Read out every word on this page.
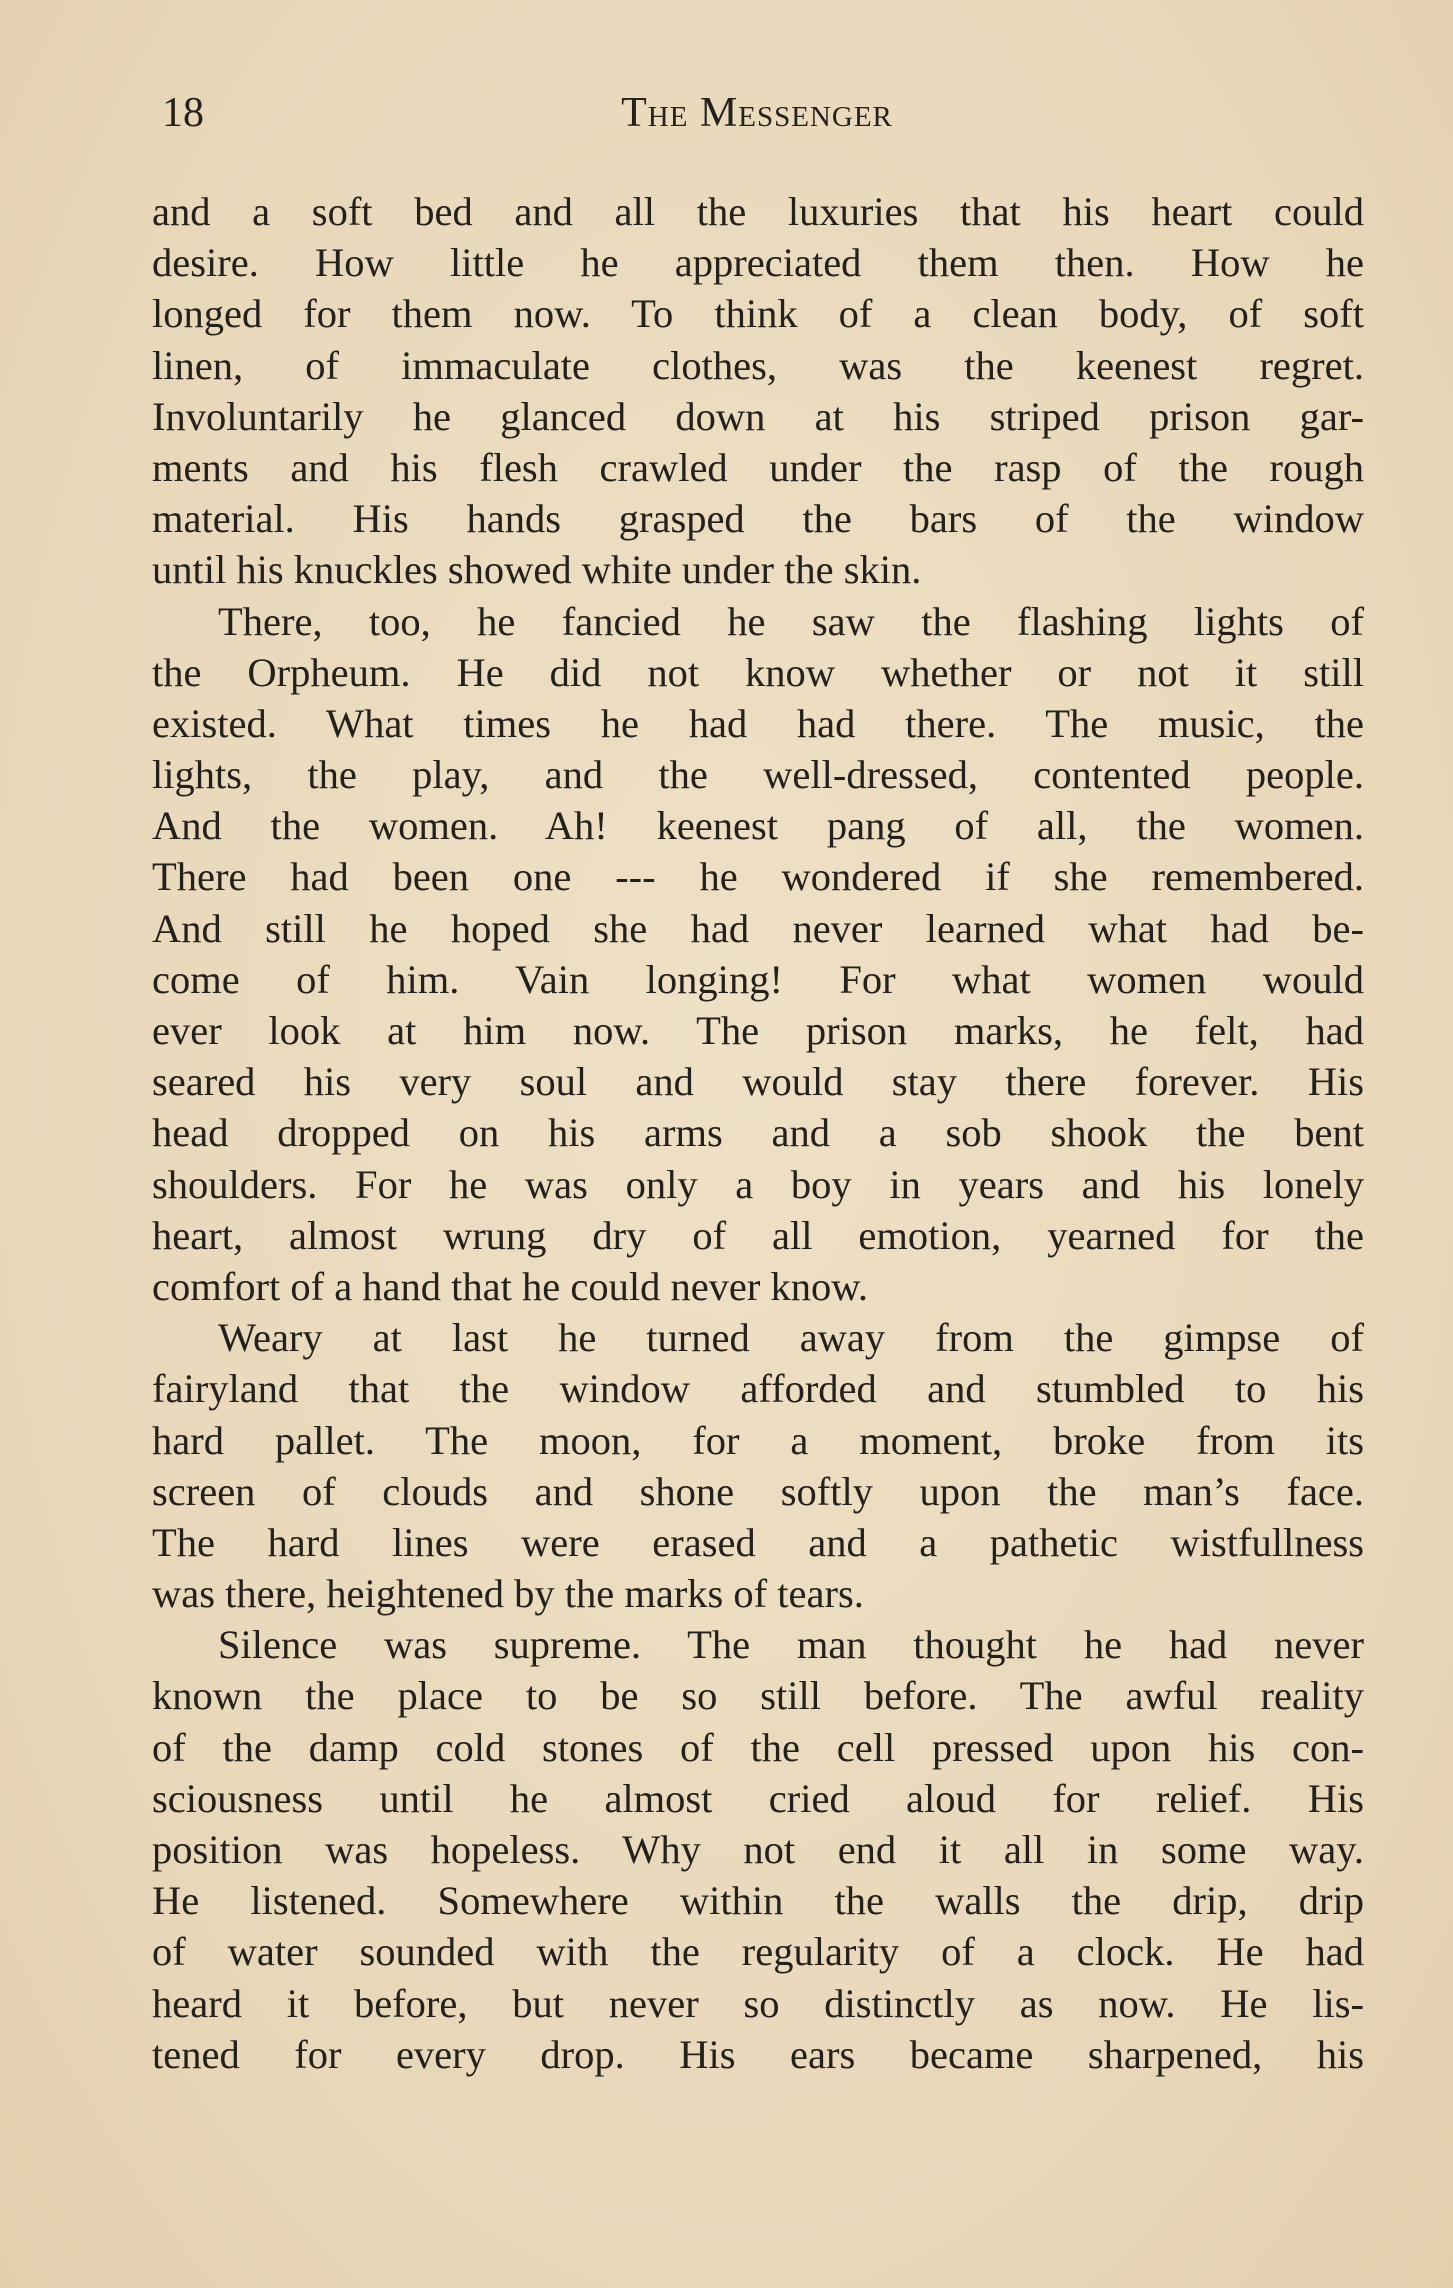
18	The Messenger
and a soft bed and all the luxuries that his heart could
desire. How little he appreciated them then. How he
longed for them now. To think of a clean body, of soft
linen, of immaculate clothes, was the keenest regret.
Involuntarily he glanced down at his striped prison gar-
ments and his flesh crawled under the rasp of the rough
material. His hands grasped the bars of the window
until his knuckles showed white under the skin.
There, too, he fancied he saw the flashing lights of
the Orpheum. He did not know whether or not it still
existed. What times he had had there. The music, the
lights, the play, and the well-dressed, contented people.
And the women. Ah! keenest pang of all, the women.
There had been one --- he wondered if she remembered.
And still he hoped she had never learned what had be-
come of him. Vain longing! For what women would
ever look at him now. The prison marks, he felt, had
seared his very soul and would stay there forever. His
head dropped on his arms and a sob shook the bent
shoulders. For he was only a boy in years and his lonely
heart, almost wrung dry of all emotion, yearned for the
comfort of a hand that he could never know.
Weary at last he turned away from the gimpse of
fairyland that the window afforded and stumbled to his
hard pallet. The moon, for a moment, broke from its
screen of clouds and shone softly upon the man’s face.
The hard lines were erased and a pathetic wistfullness
was there, heightened by the marks of tears.
Silence was supreme. The man thought he had never
known the place to be so still before. The awful reality
of the damp cold stones of the cell pressed upon his con-
sciousness until he almost cried aloud for relief. His
position was hopeless. Why not end it all in some way.
He listened. Somewhere within the walls the drip, drip
of water sounded with the regularity of a clock. He had
heard it before, but never so distinctly as now. He lis-
tened for every drop. His ears became sharpened, his
